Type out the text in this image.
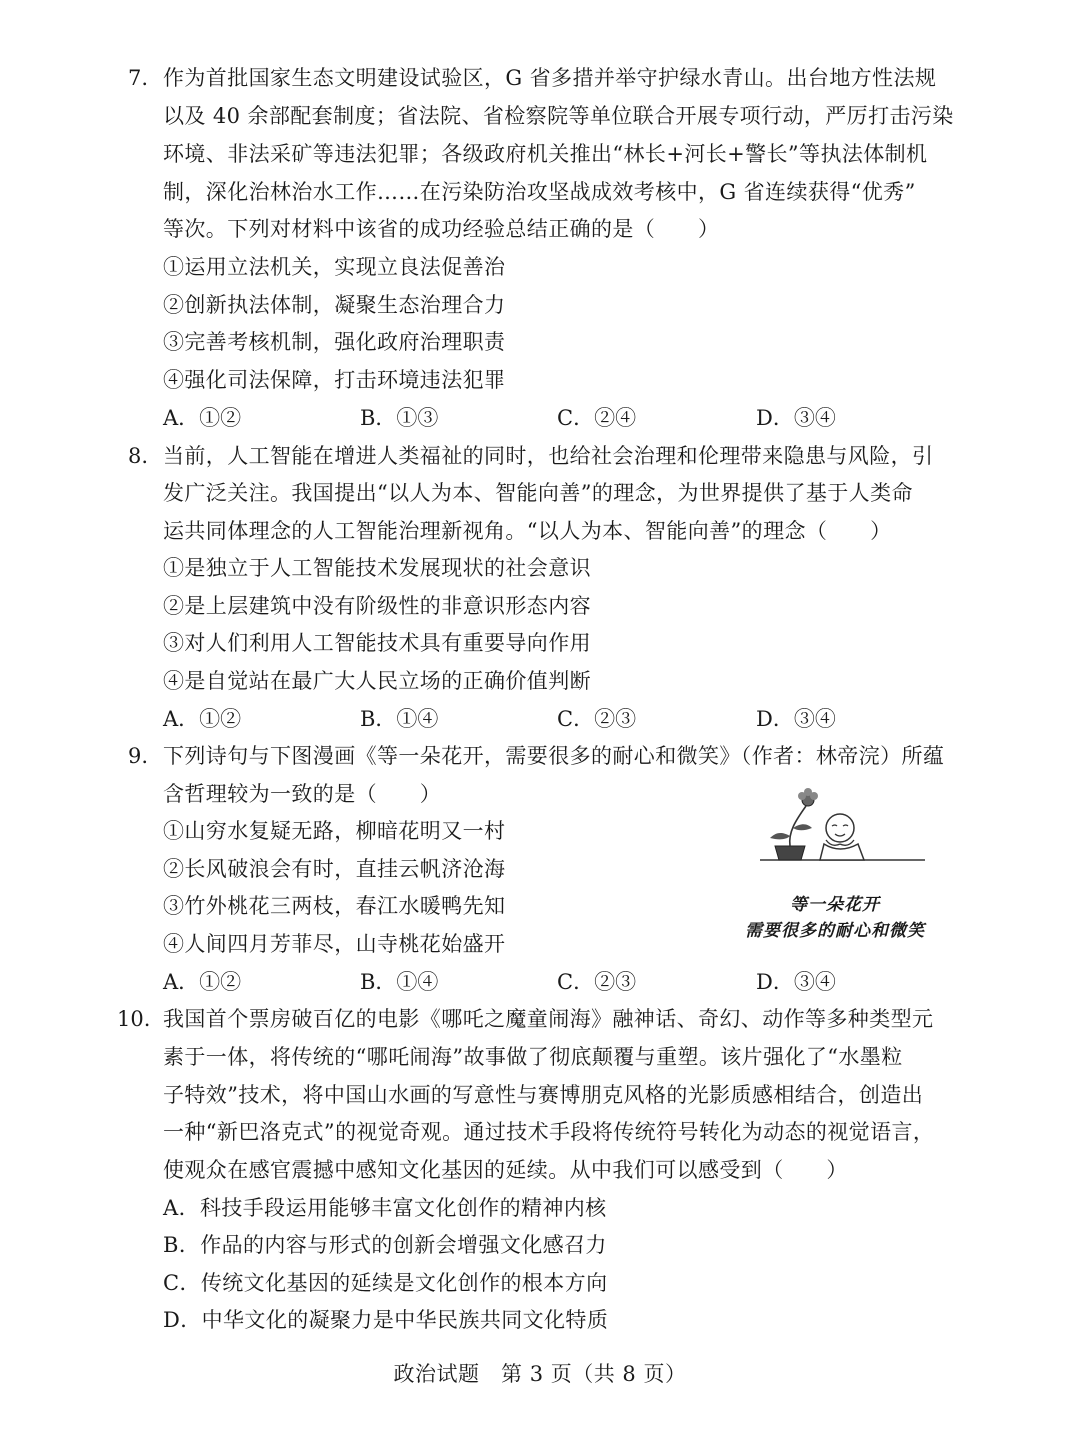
7. 作为首批国家生态文明建设试验区，G 省多措并举守护绿水青山。出台地方性法规
以及 40 余部配套制度；省法院、省检察院等单位联合开展专项行动，严厉打击污染
环境、非法采矿等违法犯罪；各级政府机关推出“林长+河长+警长”等执法体制机
制，深化治林治水工作……在污染防治攻坚战成效考核中，G 省连续获得“优秀”
等次。下列对材料中该省的成功经验总结正确的是（　　）
①运用立法机关，实现立良法促善治
②创新执法体制，凝聚生态治理合力
③完善考核机制，强化政府治理职责
④强化司法保障，打击环境违法犯罪
A．①②	B．①③	C．②④	D．③④
8. 当前，人工智能在增进人类福祉的同时，也给社会治理和伦理带来隐患与风险，引
发广泛关注。我国提出“以人为本、智能向善”的理念，为世界提供了基于人类命
运共同体理念的人工智能治理新视角。“以人为本、智能向善”的理念（　　）
①是独立于人工智能技术发展现状的社会意识
②是上层建筑中没有阶级性的非意识形态内容
③对人们利用人工智能技术具有重要导向作用
④是自觉站在最广大人民立场的正确价值判断
A．①②	B．①④	C．②③	D．③④
9. 下列诗句与下图漫画《等一朵花开，需要很多的耐心和微笑》（作者：林帝浣）所蕴
含哲理较为一致的是（　　）
①山穷水复疑无路，柳暗花明又一村
②长风破浪会有时，直挂云帆济沧海
③竹外桃花三两枝，春江水暖鸭先知
④人间四月芳菲尽，山寺桃花始盛开
A．①②	B．①④	C．②③	D．③④
等一朵花开
需要很多的耐心和微笑
10. 我国首个票房破百亿的电影《哪吒之魔童闹海》融神话、奇幻、动作等多种类型元
素于一体，将传统的“哪吒闹海”故事做了彻底颠覆与重塑。该片强化了“水墨粒
子特效”技术，将中国山水画的写意性与赛博朋克风格的光影质感相结合，创造出
一种“新巴洛克式”的视觉奇观。通过技术手段将传统符号转化为动态的视觉语言，
使观众在感官震撼中感知文化基因的延续。从中我们可以感受到（　　）
A．科技手段运用能够丰富文化创作的精神内核
B．作品的内容与形式的创新会增强文化感召力
C．传统文化基因的延续是文化创作的根本方向
D．中华文化的凝聚力是中华民族共同文化特质
政治试题　第 3 页（共 8 页）
